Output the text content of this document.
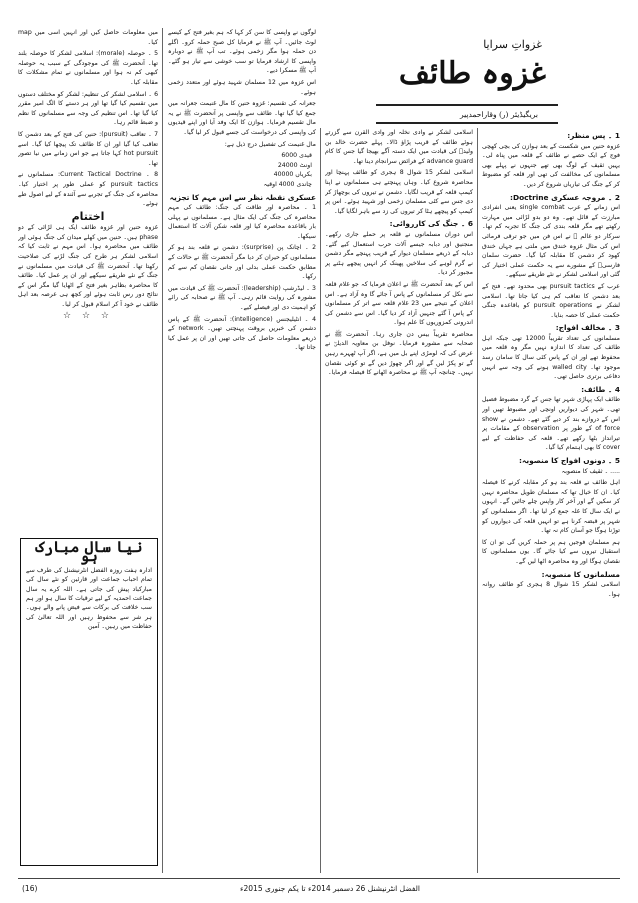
غزواتِ سرایا
غزوہ طائف
بریگیڈیئر (ر) وقاراحمدپیر
1 ۔ پس منظر:

غزوہ حنین میں شکست کے بعد ہوازن کی بچی کھچی فوج کے ایک حصے نے طائف کے قلعہ میں پناہ لی۔ یہیں ثقیف کے لوگ بھی تھے جنہوں نے پہلے بھی مسلمانوں کی مخالفت کی تھی اور قلعہ کو مضبوط کر کے جنگ کی تیاریاں شروع کر دیں۔

2 ۔ مروجہ عسکری Doctrine:

اس زمانے کے عرب single combat یعنی انفرادی مبارزت کے قائل تھے۔ وہ دو بدو لڑائی میں مہارت رکھتے تھے مگر قلعہ بندی کی جنگ کا تجربہ کم تھا۔ سرکار دو عالم ﷺ نے اس فن میں جو ترقی فرمائی اس کی مثال غزوہ خندق میں ملتی ہے جہاں خندق کھود کر دشمن کا مقابلہ کیا گیا۔ حضرت سلمان فارسیؓ کے مشورے سے یہ حکمت عملی اختیار کی گئی اور اسلامی لشکر نے نئے طریقے سیکھے۔

عرب کے pursuit tactics بھی محدود تھے۔ فتح کے بعد دشمن کا تعاقب کم ہی کیا جاتا تھا۔ اسلامی لشکر نے pursuit operations کو باقاعدہ جنگی حکمت عملی کا حصہ بنایا۔

3 ۔ مخالف افواج:

مسلمانوں کی تعداد تقریباً 12000 تھی جبکہ اہل طائف کی تعداد کا اندازہ نہیں مگر وہ قلعہ میں محفوظ تھے اور ان کے پاس کئی سال کا سامان رسد موجود تھا۔ walled city ہونے کی وجہ سے انہیں دفاعی برتری حاصل تھی۔

4 ۔ طائف:

طائف ایک پہاڑی شہر تھا جس کے گرد مضبوط فصیل تھی۔ شہر کی دیواریں اونچی اور مضبوط تھیں اور اس کے دروازے بند کر دیے گئے تھے۔ دشمن نے show of force کے طور پر observation کے مقامات پر تیرانداز بٹھا رکھے تھے۔ قلعہ کی حفاظت کے لیے cover کا بھی اہتمام کیا گیا۔

5 ۔ دونوں افواج کا منصوبہ:

..... ۔ ثقیف کا منصوبہ

اہل طائف نے قلعہ بند ہو کر مقابلہ کرنے کا فیصلہ کیا۔ ان کا خیال تھا کہ مسلمان طویل محاصرہ نہیں کر سکیں گے اور آخر کار واپس چلے جائیں گے۔ انہوں نے ایک سال کا غلہ جمع کر لیا تھا۔ اگر مسلمانوں کو شہر پر قبضہ کرنا ہے تو انہیں قلعہ کی دیواروں کو توڑنا ہوگا جو آسان کام نہ تھا۔

ہم مسلمان فوجیں ہم پر حملہ کریں گی تو ان کا استقبال تیروں سے کیا جائے گا۔ یوں مسلمانوں کا نقصان ہوگا اور وہ محاصرہ اٹھا لیں گے۔

مسلمانوں کا منصوبہ:

اسلامی لشکر 15 شوال 8 ہجری کو طائف روانہ ہوا۔

اسلامی لشکر نے وادی نخلہ اور وادی القرن سے گزرتے ہوئے طائف کے قریب پڑاؤ ڈالا۔ پہلے حضرت خالد بن ولیدؓ کی قیادت میں ایک دستہ آگے بھیجا گیا جس کا کام advance guard کے فرائض سرانجام دینا تھا۔

اسلامی لشکر 15 شوال 8 ہجری کو طائف پہنچا اور محاصرہ شروع کیا۔ وہاں پہنچتے ہی مسلمانوں نے اپنا کیمپ قلعہ کے قریب لگایا۔ دشمن نے تیروں کی بوچھاڑ کر دی جس سے کئی مسلمان زخمی اور شہید ہوئے۔ اس پر کیمپ کو پیچھے ہٹا کر تیروں کی زد سے باہر لگایا گیا۔

6 ۔ جنگ کی کارروائی:

اس دوران مسلمانوں نے قلعہ پر حملے جاری رکھے۔ منجنیق اور دبابہ جیسے آلات حرب استعمال کیے گئے۔ دبابہ کے ذریعے مسلمان دیوار کے قریب پہنچے مگر دشمن نے گرم لوہے کی سلاخیں پھینک کر انہیں پیچھے ہٹنے پر مجبور کر دیا۔

اس کے بعد آنحضرت ﷺ نے اعلان فرمایا کہ جو غلام قلعہ سے نکل کر مسلمانوں کے پاس آ جائے گا وہ آزاد ہے۔ اس اعلان کے نتیجے میں 23 غلام قلعہ سے اتر کر مسلمانوں کے پاس آ گئے جنہیں آزاد کر دیا گیا۔ اس سے دشمن کی اندرونی کمزوریوں کا علم ہوا۔

محاصرہ تقریباً بیس دن جاری رہا۔ آنحضرت ﷺ نے صحابہ سے مشورہ فرمایا۔ نوفل بن معاویہ الدیلیؓ نے عرض کی کہ لومڑی اپنے بل میں ہے، اگر آپ ٹھہرے رہیں گے تو پکڑ لیں گے اور اگر چھوڑ دیں گے تو کوئی نقصان نہیں۔ چنانچہ آپ ﷺ نے محاصرہ اٹھانے کا فیصلہ فرمایا۔

لوگوں نے واپسی کا سن کر کہا کہ ہم بغیر فتح کے کیسے لوٹ جائیں۔ آپ ﷺ نے فرمایا کل صبح حملہ کرو۔ اگلے دن حملہ ہوا مگر زخمی ہوئے۔ تب آپ ﷺ نے دوبارہ واپسی کا ارشاد فرمایا تو سب خوشی سے تیار ہو گئے۔ آپ ﷺ مسکرا دیے۔

اس غزوہ میں 12 مسلمان شہید ہوئے اور متعدد زخمی ہوئے۔

جعرانہ کی تقسیم: غزوہ حنین کا مال غنیمت جعرانہ میں جمع کیا گیا تھا۔ طائف سے واپسی پر آنحضرت ﷺ نے یہ مال تقسیم فرمایا۔ ہوازن کا ایک وفد آیا اور اپنے قیدیوں کی واپسی کی درخواست کی جسے قبول کر لیا گیا۔

مال غنیمت کی تفصیل درج ذیل ہے:

قیدی 6000
اونٹ 24000
بکریاں 40000
چاندی 4000 اوقیہ
عسکری نقطہ نظر سے اس مہم کا تجزیہ

1 ۔ محاصرہ اور طاقت کی جنگ: طائف کی مہم محاصرہ کی جنگ کی ایک مثال ہے۔ مسلمانوں نے پہلی بار باقاعدہ محاصرہ کیا اور قلعہ شکن آلات کا استعمال سیکھا۔

2 ۔ اچانک پن (surprise): دشمن نے قلعہ بند ہو کر مسلمانوں کو حیران کر دیا مگر آنحضرت ﷺ نے حالات کے مطابق حکمت عملی بدلی اور جانی نقصان کم سے کم رکھا۔

3 ۔ لیڈرشپ (leadership): آنحضرت ﷺ کی قیادت میں مشورہ کی روایت قائم رہی۔ آپ ﷺ نے صحابہ کی رائے کو اہمیت دی اور فیصلے کیے۔

4 ۔ انٹیلیجنس (intelligence): آنحضرت ﷺ کے پاس دشمن کی خبریں بروقت پہنچتی تھیں۔ network کے ذریعے معلومات حاصل کی جاتی تھیں اور ان پر عمل کیا جاتا تھا۔

میں معلومات حاصل کیں اور انہیں اسی میں map کیا۔

5 ۔ حوصلہ (morale): اسلامی لشکر کا حوصلہ بلند تھا۔ آنحضرت ﷺ کی موجودگی کے سبب یہ حوصلہ کبھی کم نہ ہوا اور مسلمانوں نے تمام مشکلات کا مقابلہ کیا۔

6 ۔ اسلامی لشکر کی تنظیم: لشکر کو مختلف دستوں میں تقسیم کیا گیا تھا اور ہر دستے کا الگ امیر مقرر کیا گیا تھا۔ اس تنظیم کی وجہ سے مسلمانوں کا نظم و ضبط قائم رہا۔

7 ۔ تعاقب (pursuit): حنین کی فتح کے بعد دشمن کا تعاقب کیا گیا اور ان کا طائف تک پیچھا کیا گیا۔ اسے hot pursuit کہا جاتا ہے جو اس زمانے میں نیا تصور تھا۔

8 ۔ Current Tactical Doctrine: مسلمانوں نے pursuit tactics کو عملی طور پر اختیار کیا۔ محاصرہ کی جنگ کے تجربے سے آئندہ کے لیے اصول طے ہوئے۔

اختتام

غزوہ حنین اور غزوہ طائف ایک ہی لڑائی کے دو phase ہیں۔ حنین میں کھلے میدان کی جنگ ہوئی اور طائف میں محاصرہ ہوا۔ اس مہم نے ثابت کیا کہ اسلامی لشکر ہر طرح کی جنگ لڑنے کی صلاحیت رکھتا تھا۔ آنحضرت ﷺ کی قیادت میں مسلمانوں نے جنگ کے نئے طریقے سیکھے اور ان پر عمل کیا۔ طائف کا محاصرہ بظاہر بغیر فتح کے اٹھایا گیا مگر اس کے نتائج دور رس ثابت ہوئے اور کچھ ہی عرصہ بعد اہل طائف نے خود آ کر اسلام قبول کر لیا۔

☆ ☆ ☆
نیا سال مبارک ہو

ادارہ ہفت روزہ الفضل انٹرنیشنل کی طرف سے تمام احباب جماعت اور قارئین کو نئے سال کی مبارکباد پیش کی جاتی ہے۔ اللہ کرے یہ سال جماعت احمدیہ کے لیے ترقیات کا سال ہو اور ہم سب خلافت کی برکات سے فیض پانے والے ہوں۔ ہر شر سے محفوظ رہیں اور اللہ تعالیٰ کی حفاظت میں رہیں۔ آمین

(16)	الفضل انٹرنیشنل 26 دسمبر 2014ء تا یکم جنوری 2015ء
